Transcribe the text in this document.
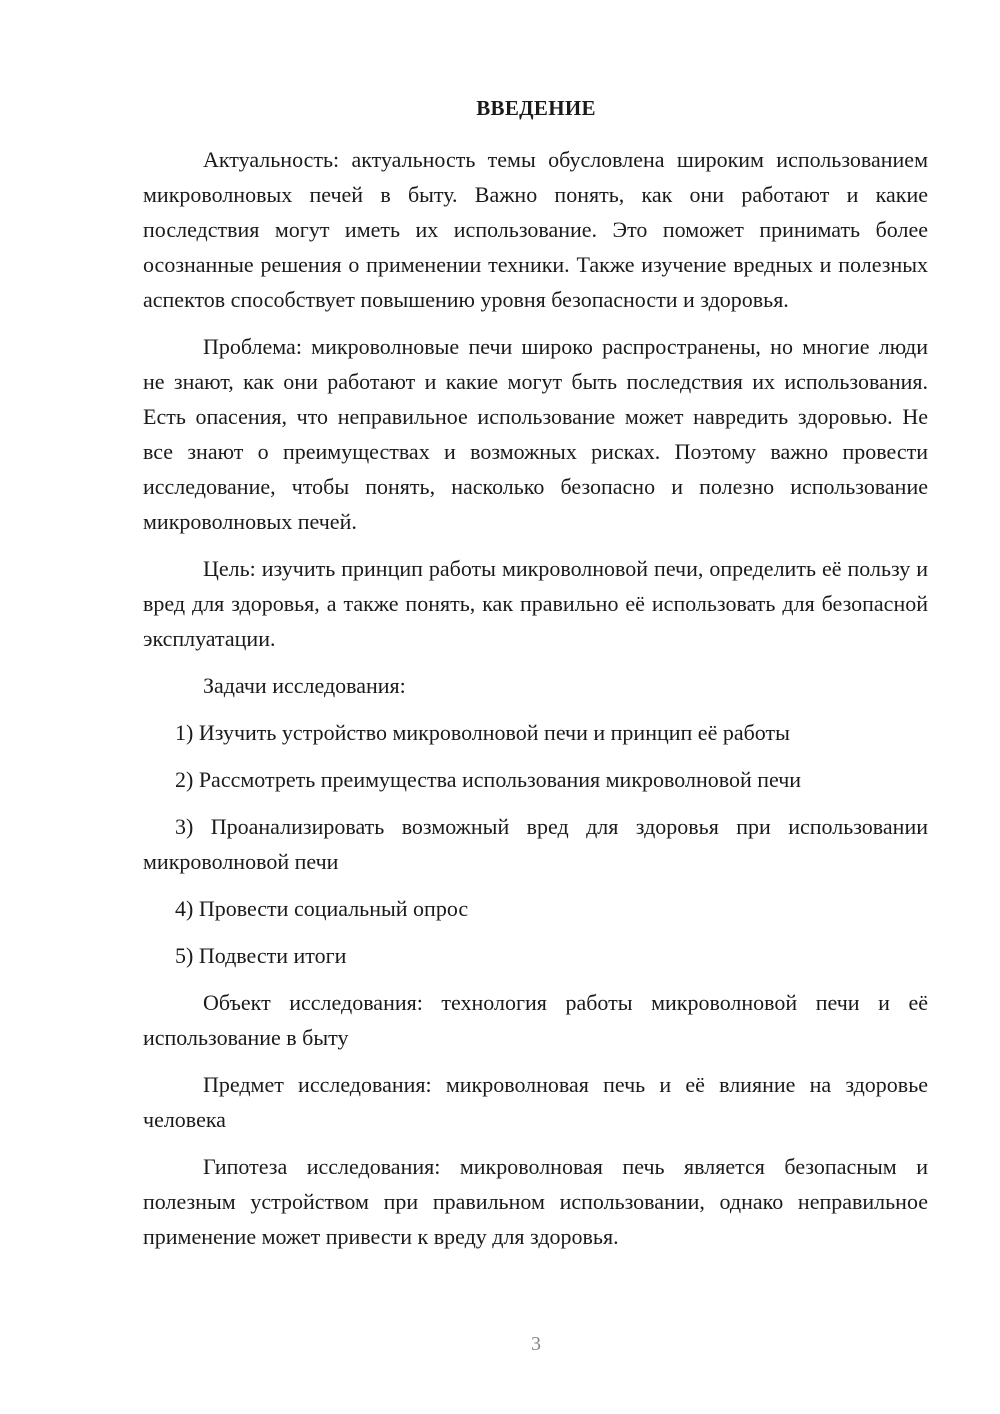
ВВЕДЕНИЕ

Актуальность: актуальность темы обусловлена широким использованием микроволновых печей в быту. Важно понять, как они работают и какие последствия могут иметь их использование. Это поможет принимать более осознанные решения о применении техники. Также изучение вредных и полезных аспектов способствует повышению уровня безопасности и здоровья.

Проблема: микроволновые печи широко распространены, но многие люди не знают, как они работают и какие могут быть последствия их использования. Есть опасения, что неправильное использование может навредить здоровью. Не все знают о преимуществах и возможных рисках. Поэтому важно провести исследование, чтобы понять, насколько безопасно и полезно использование микроволновых печей.

Цель: изучить принцип работы микроволновой печи, определить её пользу и вред для здоровья, а также понять, как правильно её использовать для безопасной эксплуатации.

Задачи исследования:

1) Изучить устройство микроволновой печи и принцип её работы

2) Рассмотреть преимущества использования микроволновой печи

3) Проанализировать возможный вред для здоровья при использовании микроволновой печи

4) Провести социальный опрос

5) Подвести итоги

Объект исследования: технология работы микроволновой печи и её использование в быту

Предмет исследования: микроволновая печь и её влияние на здоровье человека

Гипотеза исследования: микроволновая печь является безопасным и полезным устройством при правильном использовании, однако неправильное применение может привести к вреду для здоровья.

3
